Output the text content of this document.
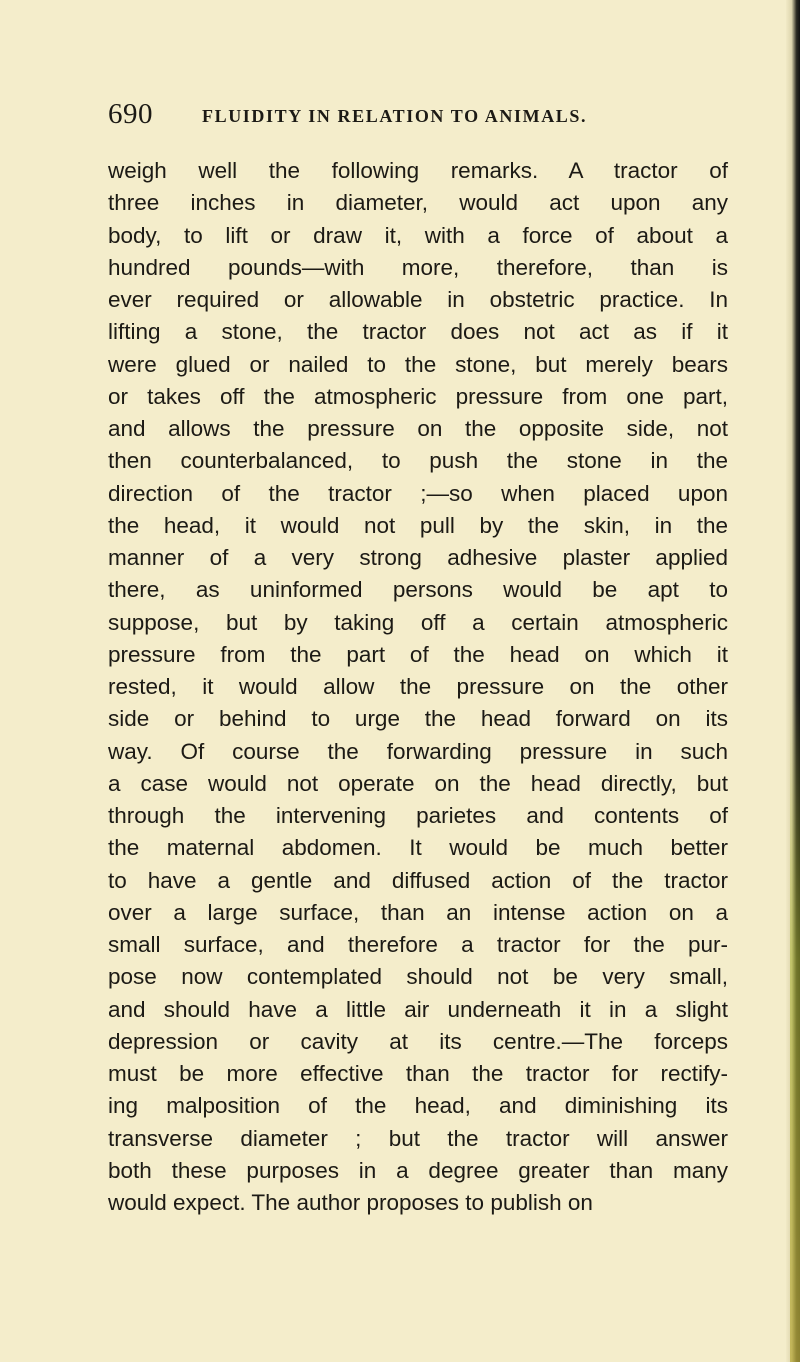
690	FLUIDITY IN RELATION TO ANIMALS.
weigh well the following remarks. A tractor of
three inches in diameter, would act upon any
body, to lift or draw it, with a force of about a
hundred pounds—with more, therefore, than is
ever required or allowable in obstetric practice. In
lifting a stone, the tractor does not act as if it
were glued or nailed to the stone, but merely bears
or takes off the atmospheric pressure from one part,
and allows the pressure on the opposite side, not
then counterbalanced, to push the stone in the
direction of the tractor ;—so when placed upon
the head, it would not pull by the skin, in the
manner of a very strong adhesive plaster applied
there, as uninformed persons would be apt to
suppose, but by taking off a certain atmospheric
pressure from the part of the head on which it
rested, it would allow the pressure on the other
side or behind to urge the head forward on its
way. Of course the forwarding pressure in such
a case would not operate on the head directly, but
through the intervening parietes and contents of
the maternal abdomen. It would be much better
to have a gentle and diffused action of the tractor
over a large surface, than an intense action on a
small surface, and therefore a tractor for the pur-
pose now contemplated should not be very small,
and should have a little air underneath it in a slight
depression or cavity at its centre.—The forceps
must be more effective than the tractor for rectify-
ing malposition of the head, and diminishing its
transverse diameter ; but the tractor will answer
both these purposes in a degree greater than many
would expect. The author proposes to publish on
